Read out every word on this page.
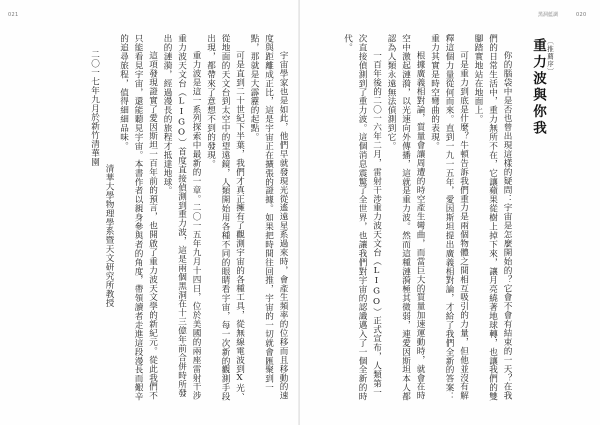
021

宇宙學家也是如此，他們早就發現光從遙遠星系過來時，會產生頻率的位移而且移動的速度與距離成正比，這是宇宙正在擴張的證據。如果把時間往回推，宇宙的一切就會匯聚到一點，那就是大霹靂的起點。

可是直到二十世紀下半葉，我們才真正擁有了觀測宇宙的各種工具，從無線電波到X光、從地面的天文台到太空中的望遠鏡，人類開始用各種不同的眼睛看宇宙，每一次新的觀測手段出現，都帶來了意想不到的發現。

重力波是這一系列探索中最新的一章。二〇一五年九月十四日，位於美國的兩座雷射干涉重力波天文台（LIGO）首度直接偵測到重力波，這是兩個黑洞在十三億年前合併時所發出的漣漪，經過漫長的旅程才抵達地球。

這項發現證實了愛因斯坦一百年前的預言，也開啟了重力波天文學的新紀元。從此我們不只能看見宇宙，還能聽見宇宙。本書作者以親身參與者的角度，帶領讀者走進這段漫長而艱辛的追尋旅程，值得細細品味。

清華大學物理學系暨天文研究所教授

二〇一七年九月於新竹清華園

黑洞藍調	020
〔推薦序〕
重力波與你我

你的腦袋中是否也曾出現這樣的疑問：宇宙是怎麼開始的？它會不會有結束的一天？在我們的日常生活中，重力無所不在，它讓蘋果從樹上掉下來，讓月亮繞著地球轉，也讓我們的雙腳踏實地站在地面上。

可是重力到底是什麼？牛頓告訴我們重力是兩個物體之間相互吸引的力量，但他並沒有解釋這個力量從何而來。直到一九一五年，愛因斯坦提出廣義相對論，才給了我們全新的答案：重力其實是時空彎曲的表現。

根據廣義相對論，質量會讓周遭的時空產生彎曲，而當巨大的質量加速運動時，就會在時空中激起漣漪，以光速向外傳播，這就是重力波。然而這種漣漪極其微弱，連愛因斯坦本人都認為人類永遠無法偵測到它。

一百年後的二〇一六年二月，雷射干涉重力波天文台（LIGO）正式宣布，人類第一次直接偵測到了重力波。這個消息震驚了全世界，也讓我們對宇宙的認識邁入了一個全新的時代。
